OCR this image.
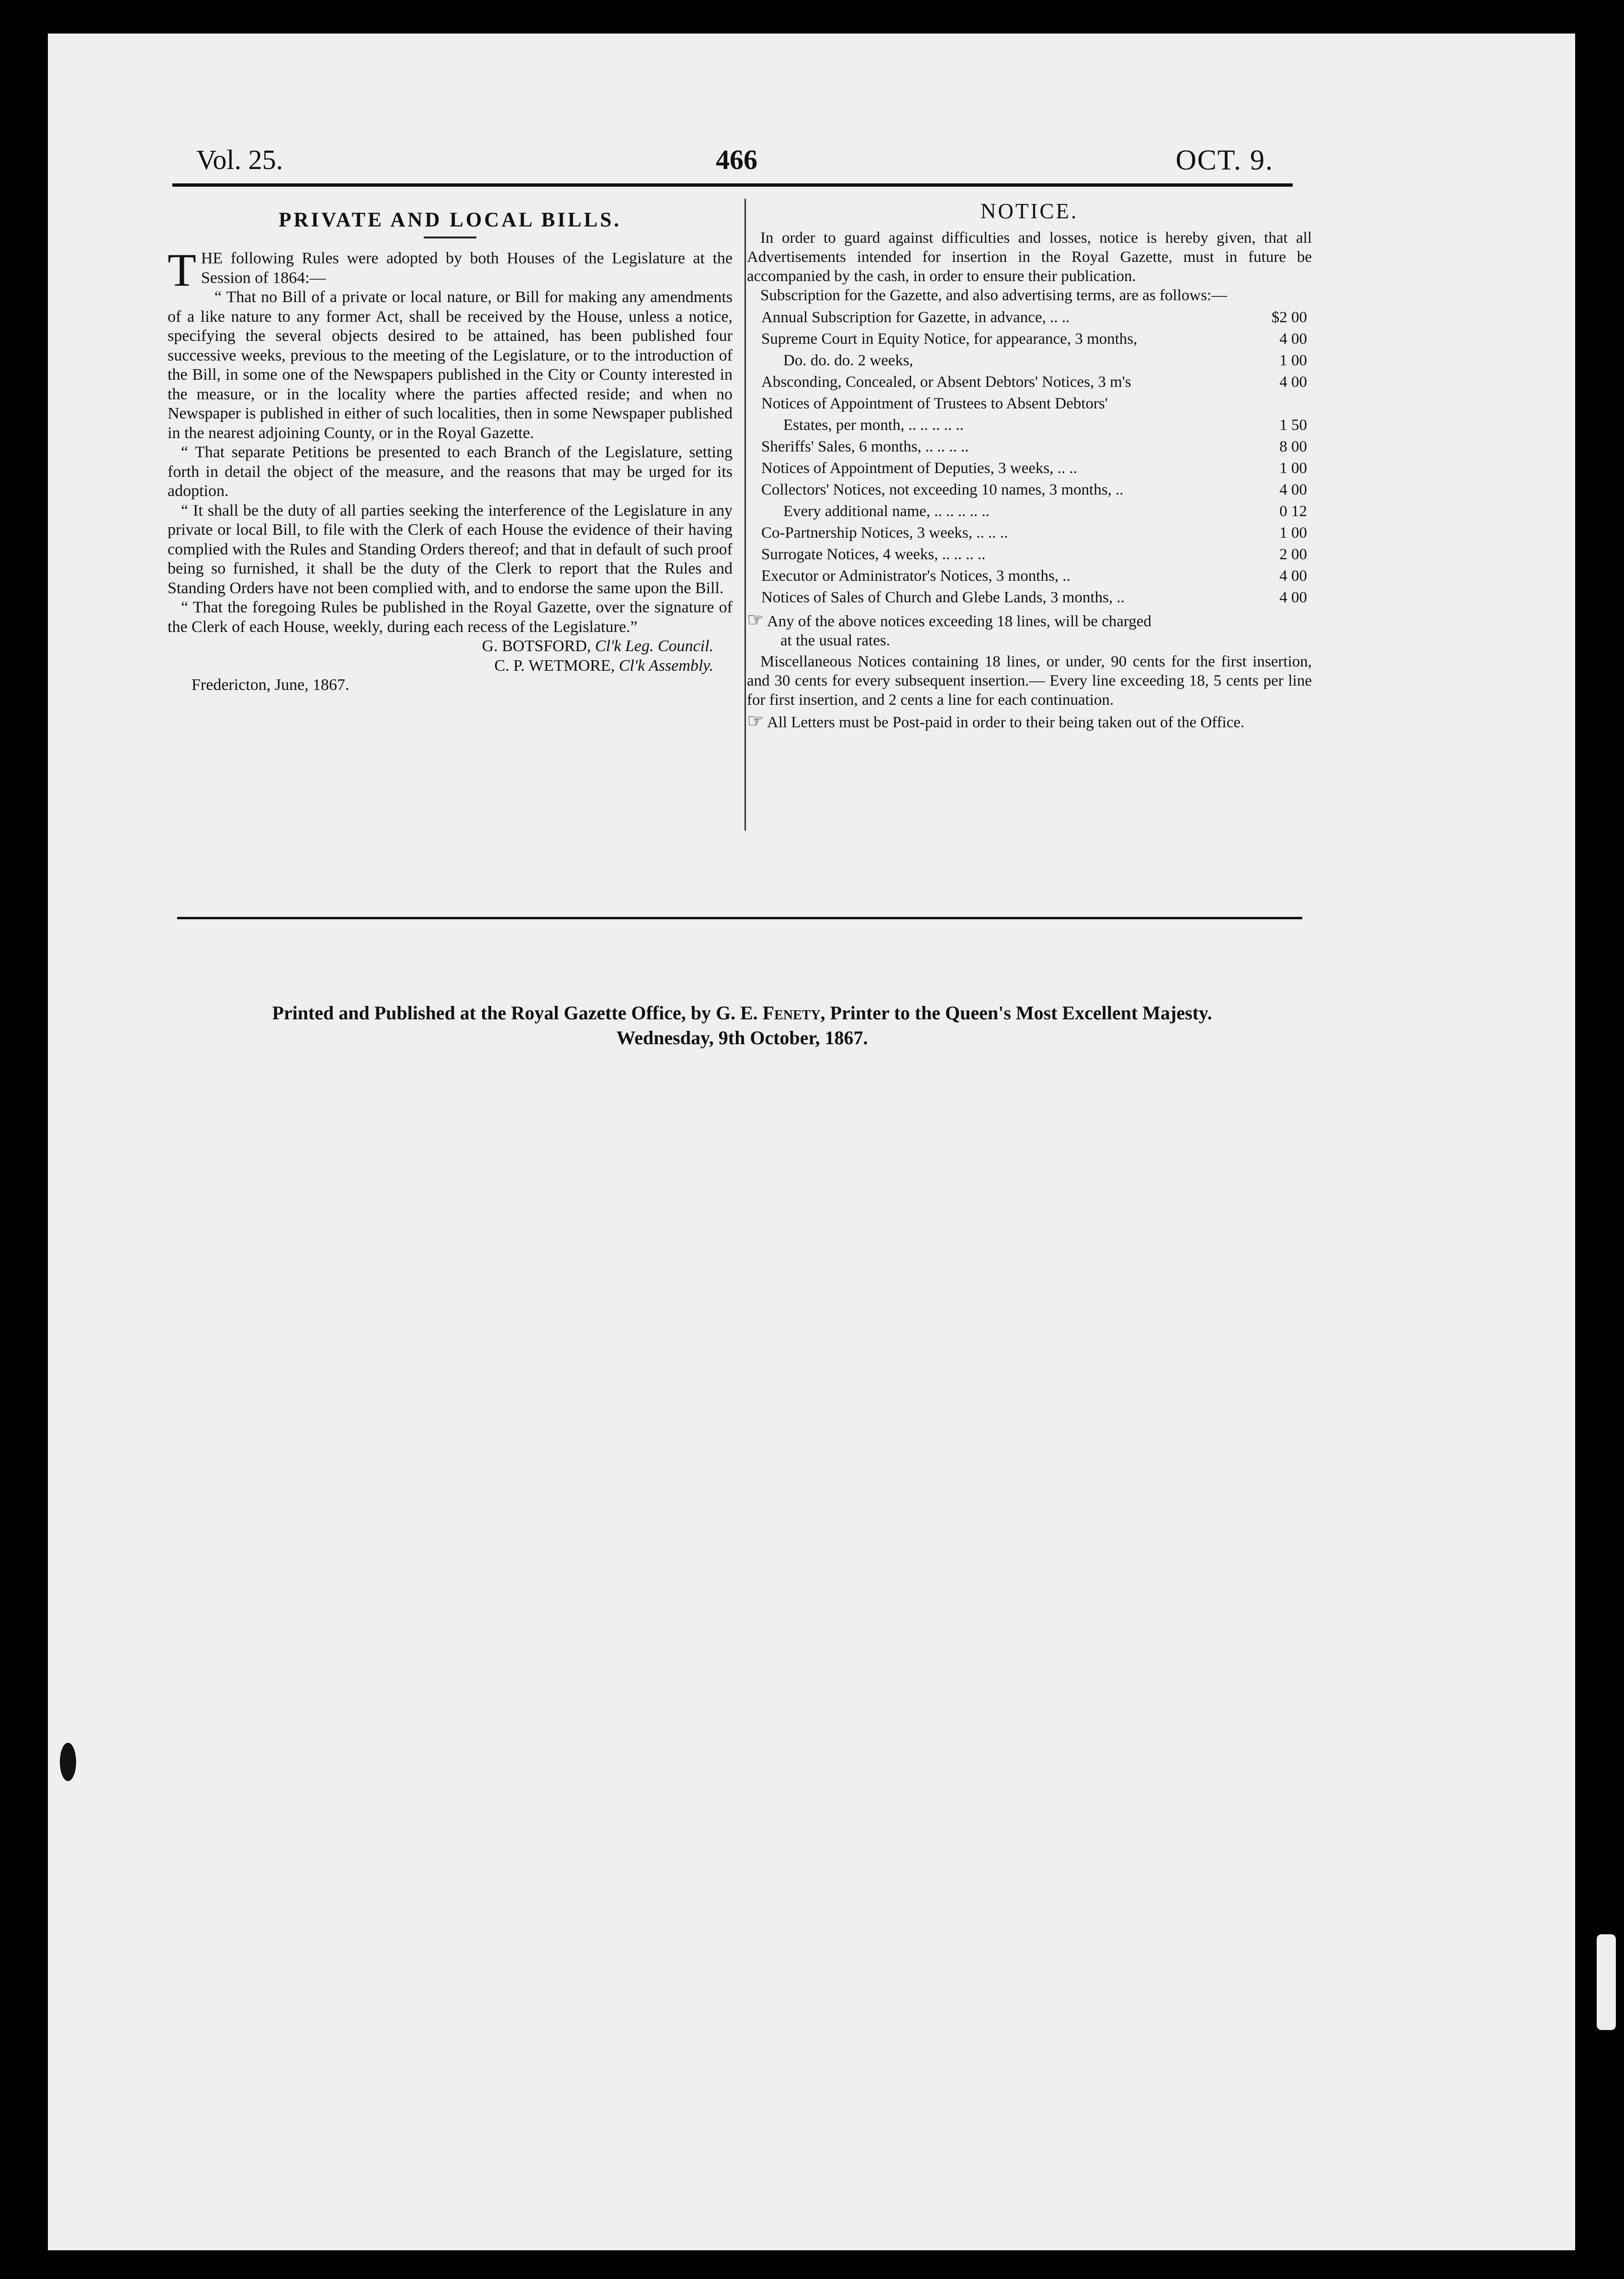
Vol. 25.	466	OCT. 9.
PRIVATE AND LOCAL BILLS.

THE following Rules were adopted by both Houses of the Legislature at the Session of 1864:—

“ That no Bill of a private or local nature, or Bill for making any amendments of a like nature to any former Act, shall be received by the House, unless a notice, specifying the several objects desired to be attained, has been published four successive weeks, previous to the meeting of the Legislature, or to the introduction of the Bill, in some one of the Newspapers published in the City or County interested in the measure, or in the locality where the parties affected reside; and when no Newspaper is published in either of such localities, then in some Newspaper published in the nearest adjoining County, or in the Royal Gazette.

“ That separate Petitions be presented to each Branch of the Legislature, setting forth in detail the object of the measure, and the reasons that may be urged for its adoption.

“ It shall be the duty of all parties seeking the interference of the Legislature in any private or local Bill, to file with the Clerk of each House the evidence of their having complied with the Rules and Standing Orders thereof; and that in default of such proof being so furnished, it shall be the duty of the Clerk to report that the Rules and Standing Orders have not been complied with, and to endorse the same upon the Bill.

“ That the foregoing Rules be published in the Royal Gazette, over the signature of the Clerk of each House, weekly, during each recess of the Legislature.”

G. BOTSFORD, Cl'k Leg. Council.
C. P. WETMORE, Cl'k Assembly.
Fredericton, June, 1867.
NOTICE.

In order to guard against difficulties and losses, notice is hereby given, that all Advertisements intended for insertion in the Royal Gazette, must in future be accompanied by the cash, in order to ensure their publication.

Subscription for the Gazette, and also advertising terms, are as follows:—

Annual Subscription for Gazette, in advance, .. ..	$2 00
Supreme Court in Equity Notice, for appearance, 3 months,	4 00
Do. do. do. 2 weeks,	1 00
Absconding, Concealed, or Absent Debtors' Notices, 3 m's	4 00
Notices of Appointment of Trustees to Absent Debtors'
Estates, per month, .. .. .. .. ..	1 50
Sheriffs' Sales, 6 months, .. .. .. ..	8 00
Notices of Appointment of Deputies, 3 weeks, .. ..	1 00
Collectors' Notices, not exceeding 10 names, 3 months, ..	4 00
Every additional name, .. .. .. .. ..	0 12
Co-Partnership Notices, 3 weeks, .. .. ..	1 00
Surrogate Notices, 4 weeks, .. .. .. ..	2 00
Executor or Administrator's Notices, 3 months, ..	4 00
Notices of Sales of Church and Glebe Lands, 3 months, ..	4 00
☞ Any of the above notices exceeding 18 lines, will be charged
at the usual rates.

Miscellaneous Notices containing 18 lines, or under, 90 cents for the first insertion, and 30 cents for every subsequent insertion.— Every line exceeding 18, 5 cents per line for first insertion, and 2 cents a line for each continuation.

☞ All Letters must be Post-paid in order to their being taken out of the Office.
Printed and Published at the Royal Gazette Office, by G. E. Fenety, Printer to the Queen's Most Excellent Majesty.
Wednesday, 9th October, 1867.
